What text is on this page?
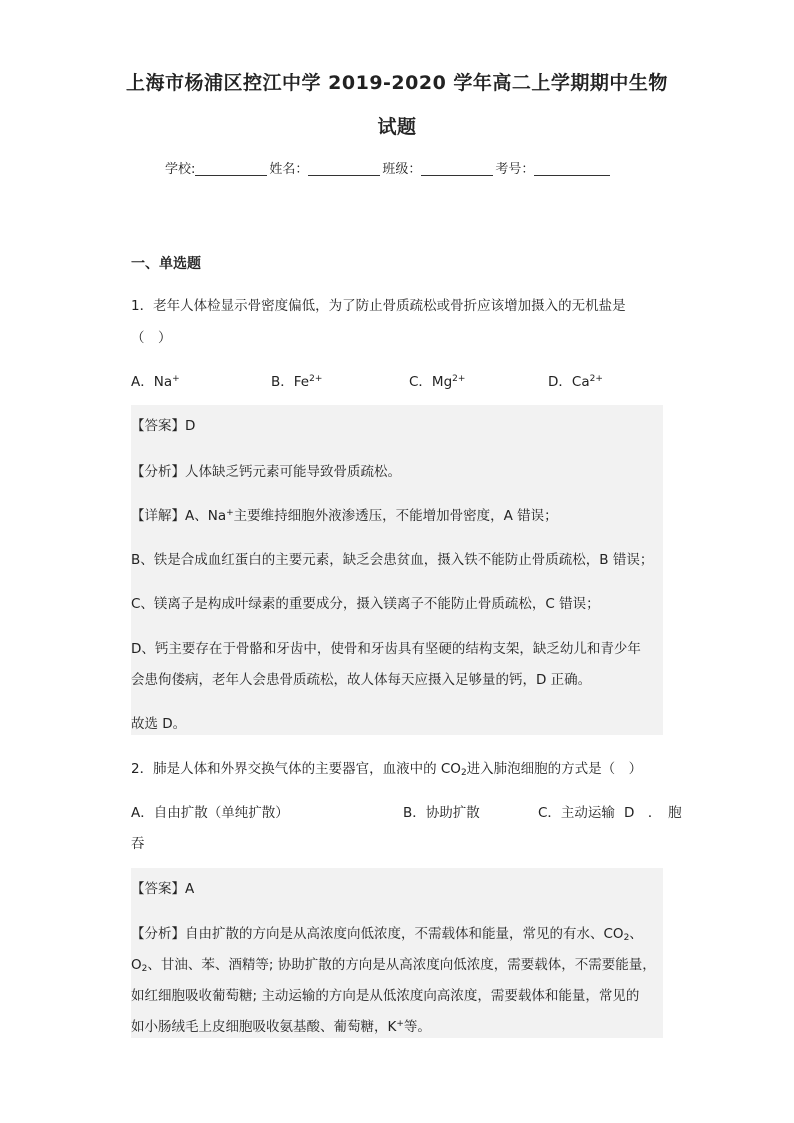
上海市杨浦区控江中学 2019-2020 学年高二上学期期中生物
试题
学校:	姓名：	班级：	考号：
一、单选题
1．老年人体检显示骨密度偏低，为了防止骨质疏松或骨折应该增加摄入的无机盐是
（　）
A．Na+	B．$Fe^{2+}$	C．$Mg^{2+}$	D．$Ca^{2+}$
【答案】D
【分析】人体缺乏钙元素可能导致骨质疏松。
【详解】A、Na+主要维持细胞外液渗透压，不能增加骨密度，A 错误；
B、铁是合成血红蛋白的主要元素，缺乏会患贫血，摄入铁不能防止骨质疏松，B 错误；
C、镁离子是构成叶绿素的重要成分，摄入镁离子不能防止骨质疏松，C 错误；
D、钙主要存在于骨骼和牙齿中，使骨和牙齿具有坚硬的结构支架，缺乏幼儿和青少年
会患佝偻病，老年人会患骨质疏松，故人体每天应摄入足够量的钙，D 正确。
故选 D。
2．肺是人体和外界交换气体的主要器官，血液中的 $CO_2$进入肺泡细胞的方式是（　）
A．自由扩散（单纯扩散）	B．协助扩散	C．主动运输 D　．　胞
吞
【答案】A
【分析】自由扩散的方向是从高浓度向低浓度，不需载体和能量，常见的有水、$CO_2$、
$O_2$、甘油、苯、酒精等; 协助扩散的方向是从高浓度向低浓度，需要载体，不需要能量，
如红细胞吸收葡萄糖; 主动运输的方向是从低浓度向高浓度，需要载体和能量，常见的
如小肠绒毛上皮细胞吸收氨基酸、葡萄糖，K+等。
